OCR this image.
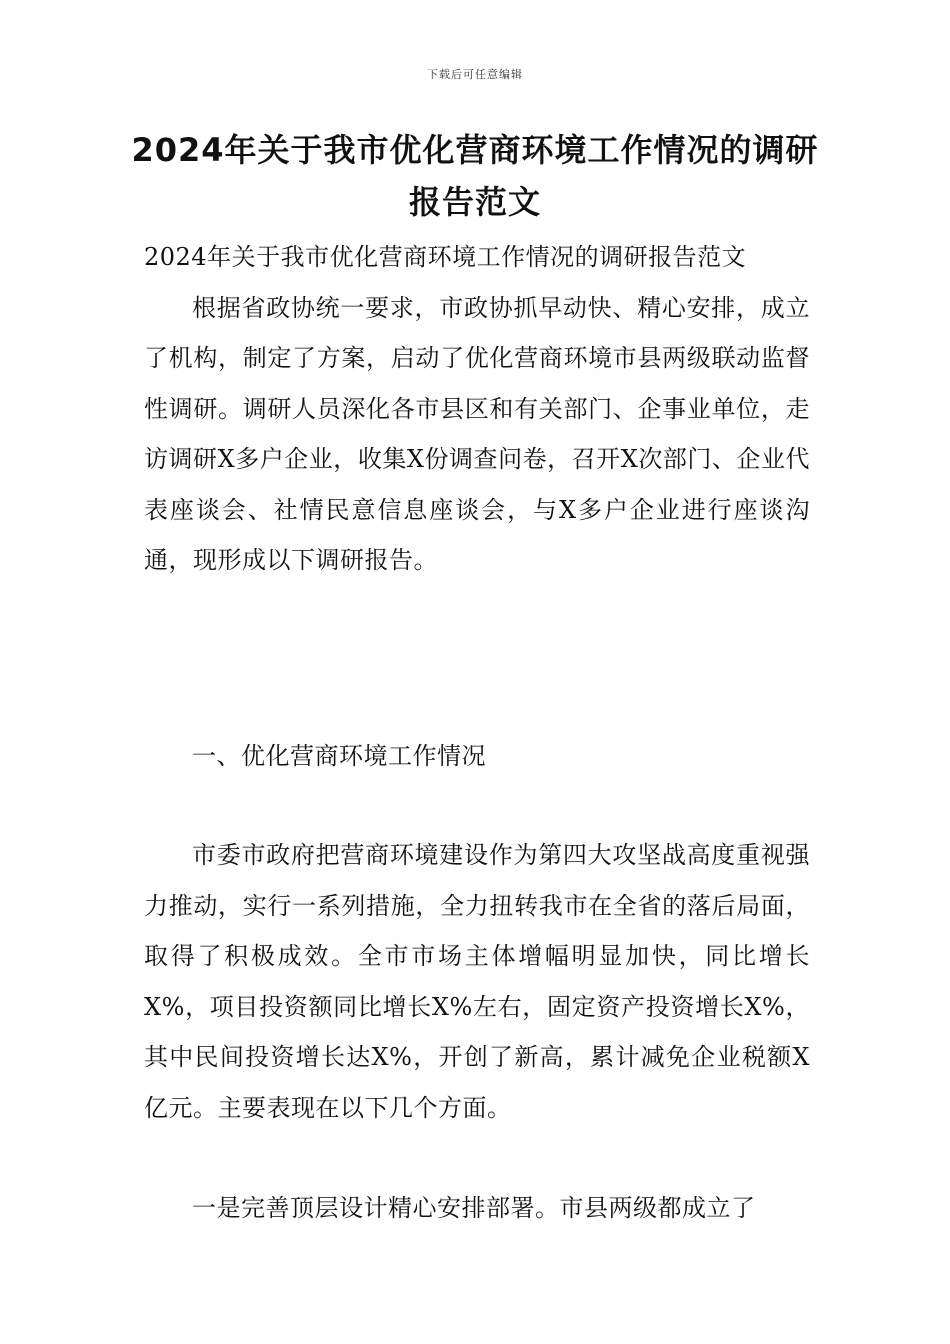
下载后可任意编辑
2024年关于我市优化营商环境工作情况的调研报告范文

2024年关于我市优化营商环境工作情况的调研报告范文

根据省政协统一要求，市政协抓早动快、精心安排，成立了机构，制定了方案，启动了优化营商环境市县两级联动监督性调研。调研人员深化各市县区和有关部门、企事业单位，走访调研X多户企业，收集X份调查问卷，召开X次部门、企业代表座谈会、社情民意信息座谈会，与X多户企业进行座谈沟通，现形成以下调研报告。

一、优化营商环境工作情况

市委市政府把营商环境建设作为第四大攻坚战高度重视强力推动，实行一系列措施，全力扭转我市在全省的落后局面，取得了积极成效。全市市场主体增幅明显加快，同比增长X%，项目投资额同比增长X%左右，固定资产投资增长X%，其中民间投资增长达X%，开创了新高，累计减免企业税额X亿元。主要表现在以下几个方面。

一是完善顶层设计精心安排部署。市县两级都成立了
